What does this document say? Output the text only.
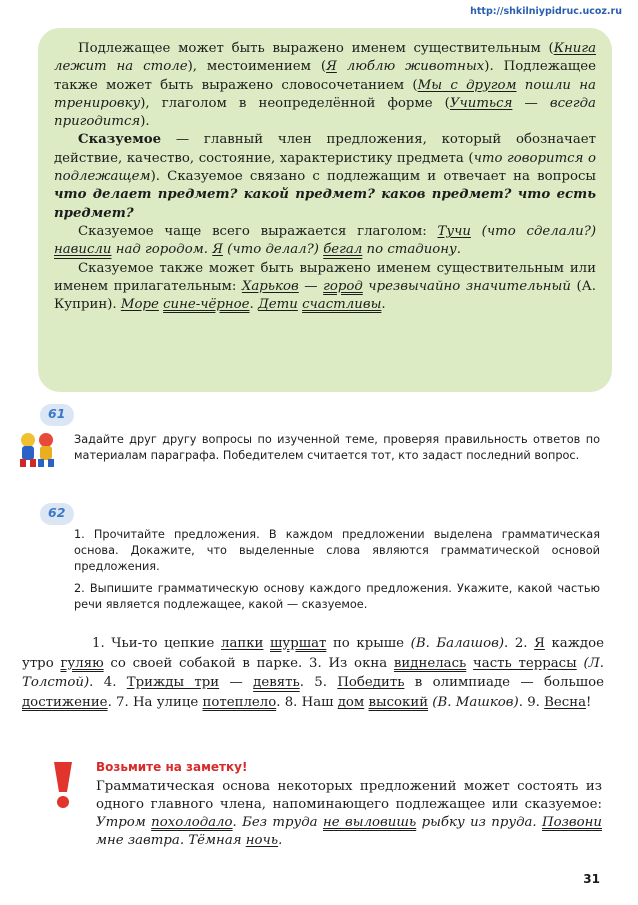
http://shkilniypidruc.ucoz.ru

Подлежащее может быть выражено именем существительным (Книга лежит на столе), местоимением (Я люблю животных). Подлежащее также может быть выражено словосочетанием (Мы с другом пошли на тренировку), глаголом в неопределённой форме (Учиться — всегда пригодится).

Сказуемое — главный член предложения, который обозначает действие, качество, состояние, характеристику предмета (что говорится о подлежащем). Сказуемое связано с подлежащим и отвечает на вопросы что делает предмет? какой предмет? каков предмет? что есть предмет?

Сказуемое чаще всего выражается глаголом: Тучи (что сделали?) нависли над городом. Я (что делал?) бегал по стадиону.

Сказуемое также может быть выражено именем существительным или именем прилагательным: Харьков — город чрезвычайно значительный (А. Куприн). Море сине-чёрное. Дети счастливы.

61

Задайте друг другу вопросы по изученной теме, проверяя правильность ответов по материалам параграфа. Победителем считается тот, кто задаст последний вопрос.

62

1. Прочитайте предложения. В каждом предложении выделена грамматическая основа. Докажите, что выделенные слова являются грамматической основой предложения.

2. Выпишите грамматическую основу каждого предложения. Укажите, какой частью речи является подлежащее, какой — сказуемое.

1. Чьи-то цепкие лапки шуршат по крыше (В. Балашов). 2. Я каждое утро гуляю со своей собакой в парке. 3. Из окна виднелась часть террасы (Л. Толстой). 4. Трижды три — девять. 5. Победить в олимпиаде — большое достижение. 7. На улице потеплело. 8. Наш дом высокий (В. Машков). 9. Весна!

Возьмите на заметку!

Грамматическая основа некоторых предложений может состоять из одного главного члена, напоминающего подлежащее или сказуемое: Утром похолодало. Без труда не выловишь рыбку из пруда. Позвони мне завтра. Тёмная ночь.

31
